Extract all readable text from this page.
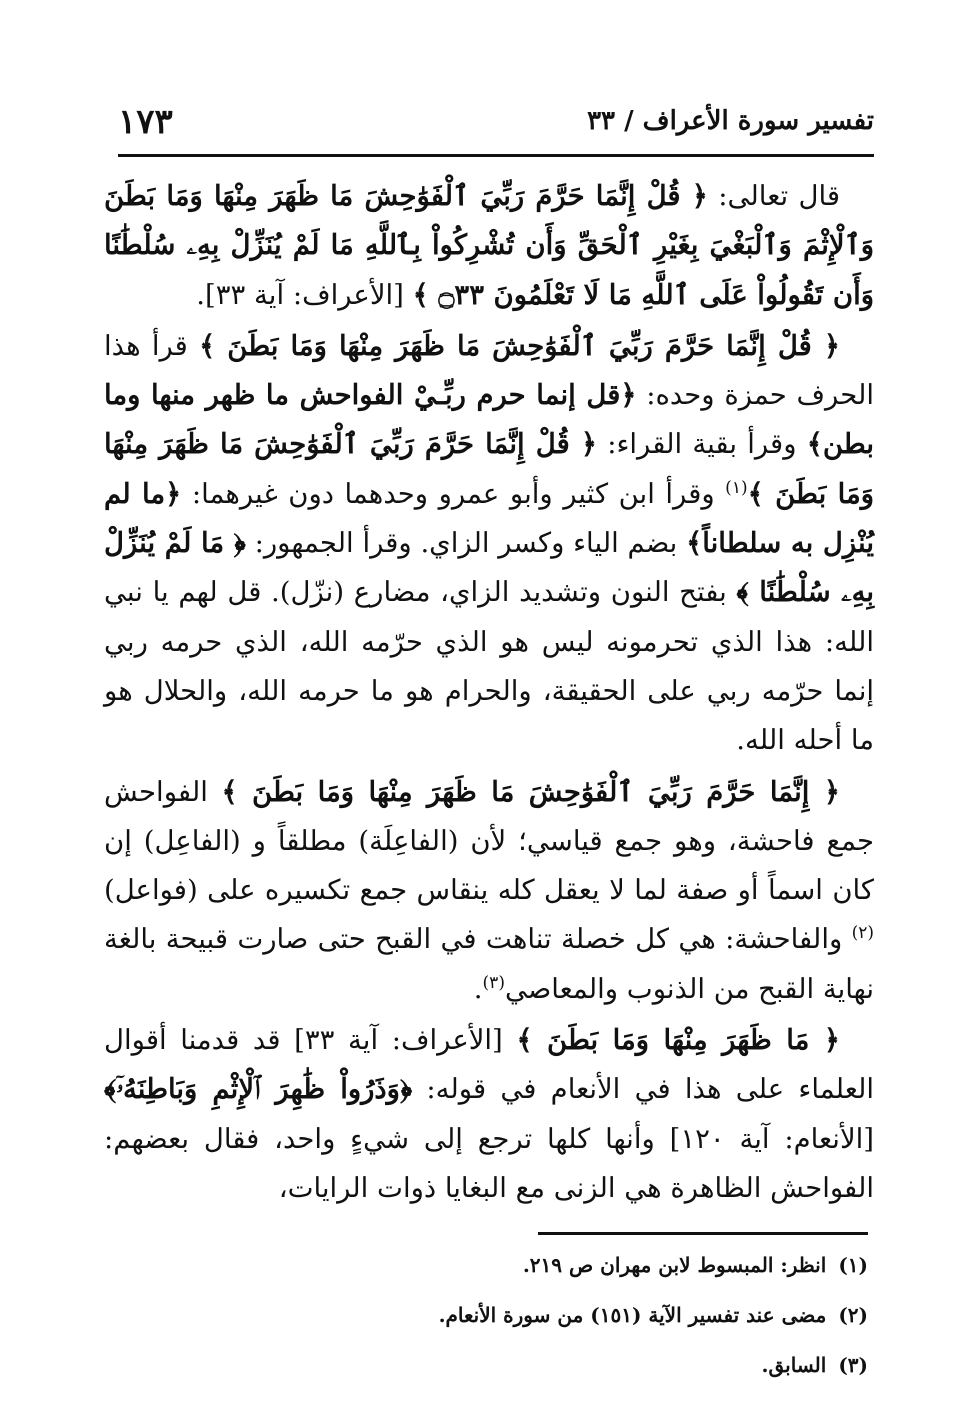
١٧٣	تفسير سورة الأعراف / ٣٣

قال تعالى: ﴿ قُلْ إِنَّمَا حَرَّمَ رَبِّيَ ٱلْفَوَٰحِشَ مَا ظَهَرَ مِنْهَا وَمَا بَطَنَ وَٱلْإِثْمَ وَٱلْبَغْيَ بِغَيْرِ ٱلْحَقِّ وَأَن تُشْرِكُواْ بِٱللَّهِ مَا لَمْ يُنَزِّلْ بِهِۦ سُلْطَٰنًا وَأَن تَقُولُواْ عَلَى ٱللَّهِ مَا لَا تَعْلَمُونَ ۝٣٣ ﴾ [الأعراف: آية ٣٣].

﴿ قُلْ إِنَّمَا حَرَّمَ رَبِّيَ ٱلْفَوَٰحِشَ مَا ظَهَرَ مِنْهَا وَمَا بَطَنَ ﴾ قرأ هذا الحرف حمزة وحده: ﴿قل إنما حرم ربِّـيْ الفواحش ما ظهر منها وما بطن﴾ وقرأ بقية القراء: ﴿ قُلْ إِنَّمَا حَرَّمَ رَبِّيَ ٱلْفَوَٰحِشَ مَا ظَهَرَ مِنْهَا وَمَا بَطَنَ ﴾$^{(١)}$ وقرأ ابن كثير وأبو عمرو وحدهما دون غيرهما: ﴿ما لم يُنْزِل به سلطاناً﴾ بضم الياء وكسر الزاي. وقرأ الجمهور: ﴿ مَا لَمْ يُنَزِّلْ بِهِۦ سُلْطَٰنًا ﴾ بفتح النون وتشديد الزاي، مضارع (نزّل). قل لهم يا نبي الله: هذا الذي تحرمونه ليس هو الذي حرّمه الله، الذي حرمه ربي إنما حرّمه ربي على الحقيقة، والحرام هو ما حرمه الله، والحلال هو ما أحله الله.

﴿ إِنَّمَا حَرَّمَ رَبِّيَ ٱلْفَوَٰحِشَ مَا ظَهَرَ مِنْهَا وَمَا بَطَنَ ﴾ الفواحش جمع فاحشة، وهو جمع قياسي؛ لأن (الفاعِلَة) مطلقاً و (الفاعِل) إن كان اسماً أو صفة لما لا يعقل كله ينقاس جمع تكسيره على (فواعل)$^{(٢)}$ والفاحشة: هي كل خصلة تناهت في القبح حتى صارت قبيحة بالغة نهاية القبح من الذنوب والمعاصي$^{(٣)}$.

﴿ مَا ظَهَرَ مِنْهَا وَمَا بَطَنَ ﴾ [الأعراف: آية ٣٣] قد قدمنا أقوال العلماء على هذا في الأنعام في قوله: ﴿وَذَرُواْ ظَٰهِرَ ٱلْإِثْمِ وَبَاطِنَهُۥٓ﴾ [الأنعام: آية ١٢٠] وأنها كلها ترجع إلى شيءٍ واحد، فقال بعضهم: الفواحش الظاهرة هي الزنى مع البغايا ذوات الرايات،

(١)انظر: المبسوط لابن مهران ص ٢١٩.

(٢)مضى عند تفسير الآية (١٥١) من سورة الأنعام.

(٣)السابق.
